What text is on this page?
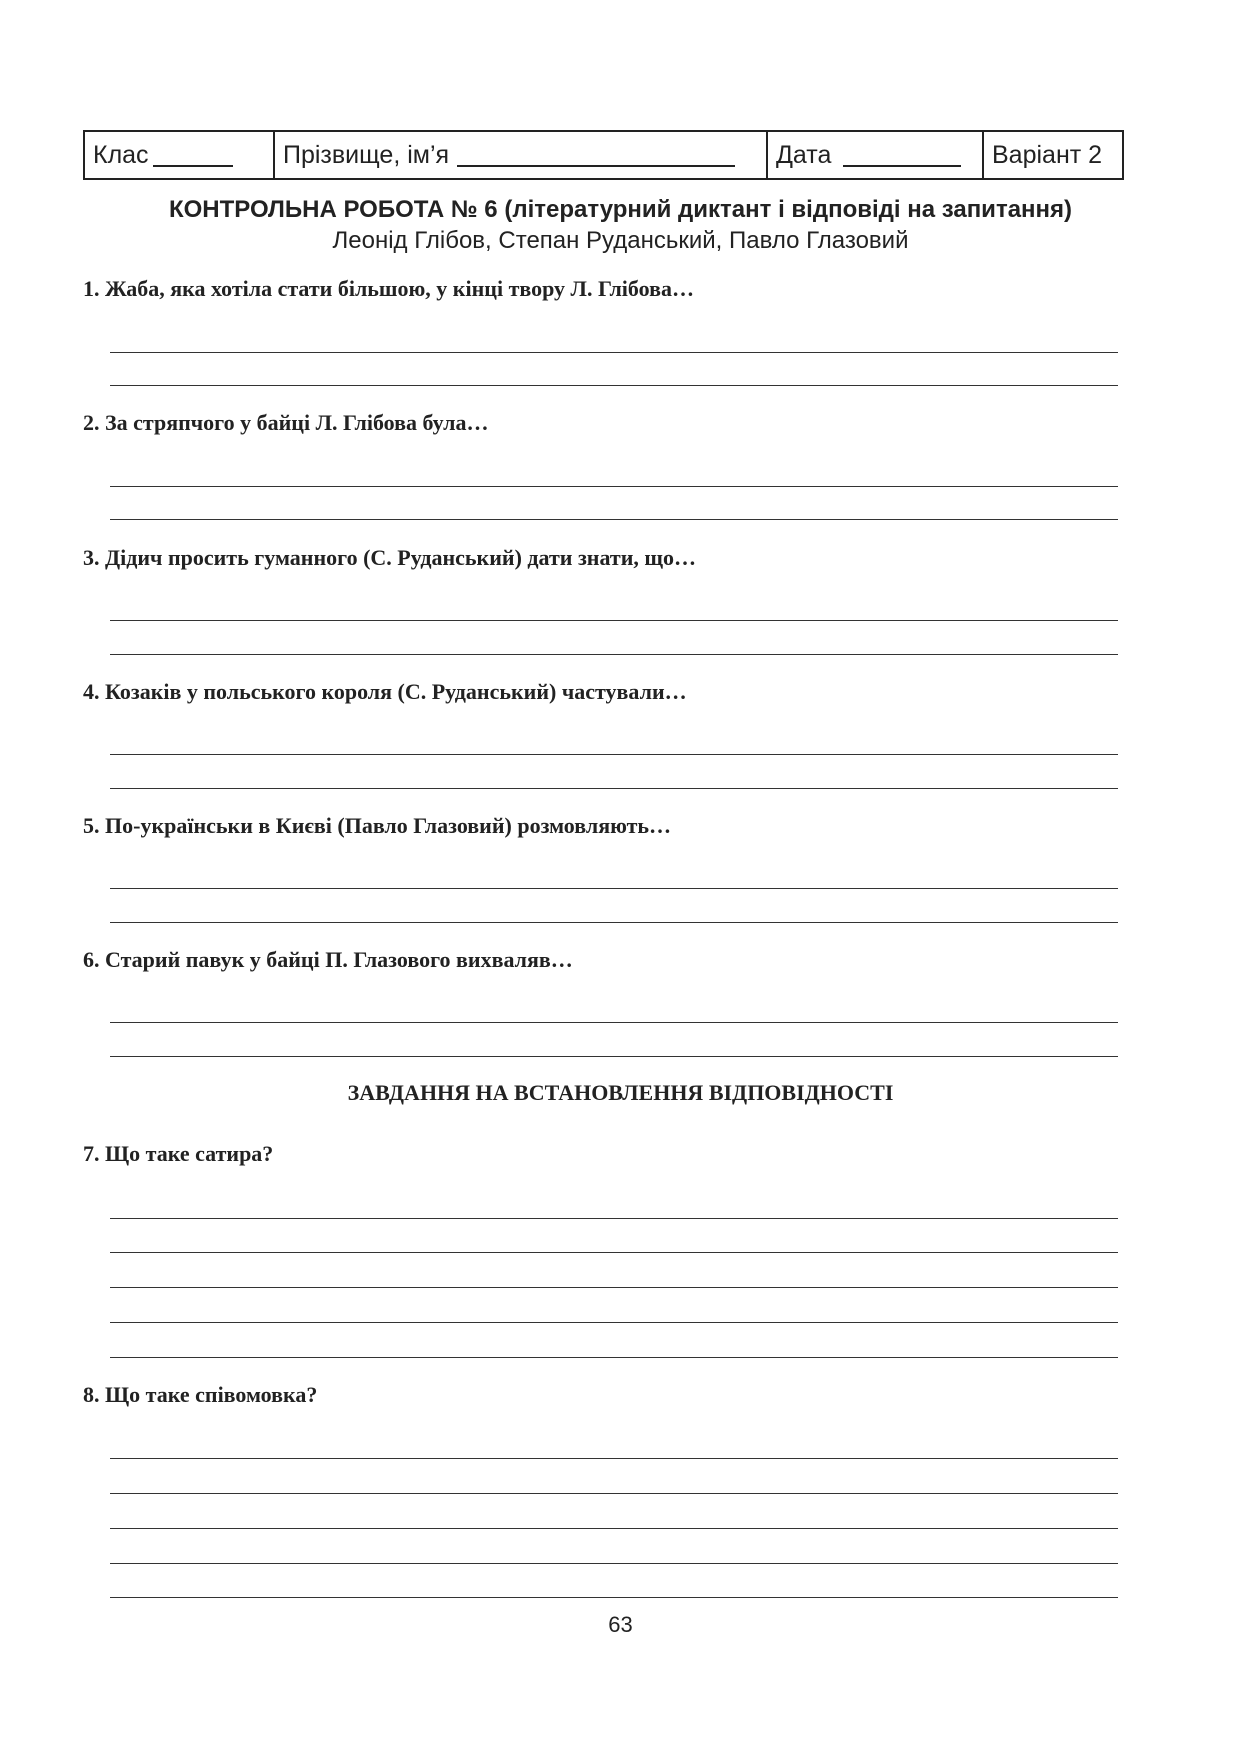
Клас	Прізвище, ім’я	Дата	Варіант 2
КОНТРОЛЬНА РОБОТА № 6 (літературний диктант і відповіді на запитання)
Леонід Глібов, Степан Руданський, Павло Глазовий
1. Жаба, яка хотіла стати більшою, у кінці твору Л. Глібова…
2. За стряпчого у байці Л. Глібова була…
3. Дідич просить гуманного (С. Руданський) дати знати, що…
4. Козаків у польського короля (С. Руданський) частували…
5. По-українськи в Києві (Павло Глазовий) розмовляють…
6. Старий павук у байці П. Глазового вихваляв…
ЗАВДАННЯ НА ВСТАНОВЛЕННЯ ВІДПОВІДНОСТІ
7. Що таке сатира?
8. Що таке співомовка?
63
